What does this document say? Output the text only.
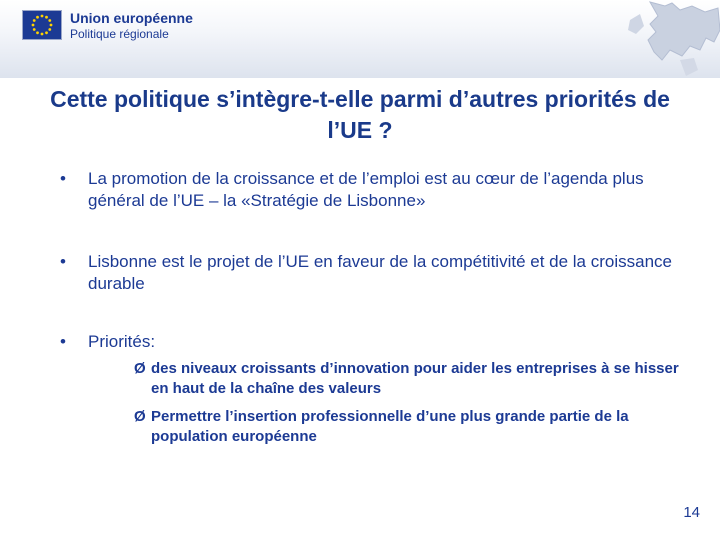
Union européenne
Politique régionale
Cette politique s’intègre-t-elle parmi d’autres priorités de l’UE ?
• La promotion de la croissance et de l’emploi est au cœur de l’agenda plus général de l’UE – la «Stratégie de Lisbonne»
• Lisbonne est le projet de l’UE en faveur de la compétitivité et de la croissance durable
• Priorités:
Ø des niveaux croissants d’innovation pour aider les entreprises à se hisser en haut de la chaîne des valeurs
Ø Permettre l’insertion professionnelle d’une plus grande partie de la population européenne
14
